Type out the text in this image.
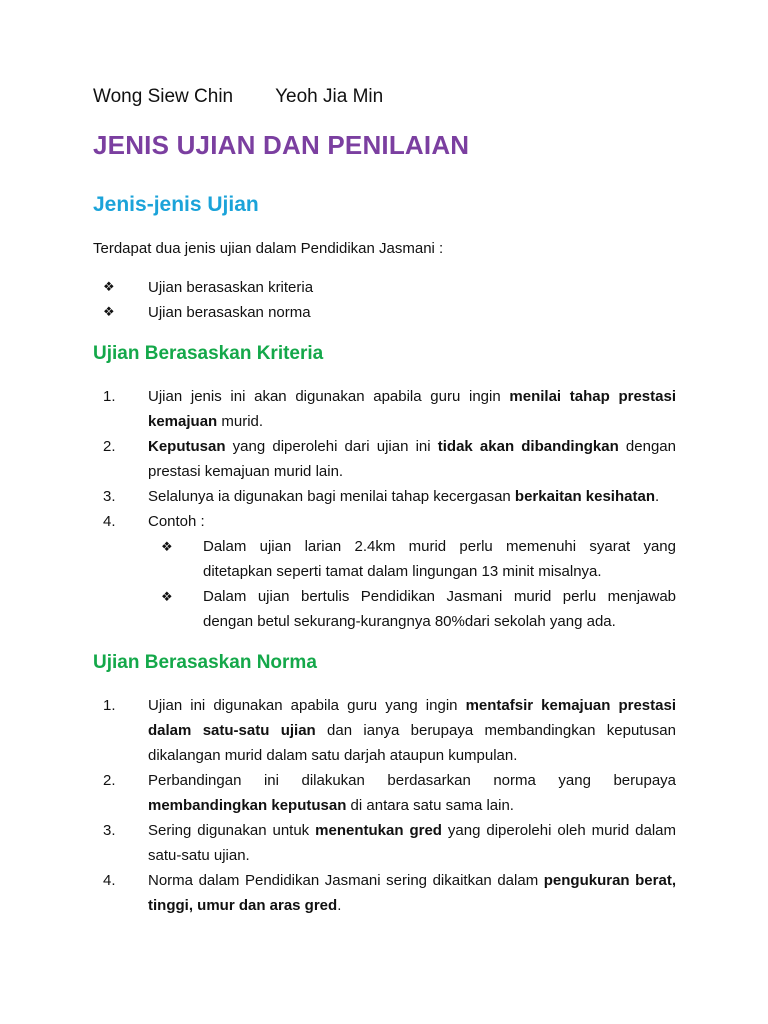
Wong Siew Chin Yeoh Jia Min
JENIS UJIAN DAN PENILAIAN
Jenis-jenis Ujian
Terdapat dua jenis ujian dalam Pendidikan Jasmani :
❖ Ujian berasaskan kriteria
❖ Ujian berasaskan norma
Ujian Berasaskan Kriteria
1. Ujian jenis ini akan digunakan apabila guru ingin menilai tahap prestasi kemajuan murid.
2. Keputusan yang diperolehi dari ujian ini tidak akan dibandingkan dengan prestasi kemajuan murid lain.
3. Selalunya ia digunakan bagi menilai tahap kecergasan berkaitan kesihatan.
4. Contoh :
❖ Dalam ujian larian 2.4km murid perlu memenuhi syarat yang ditetapkan seperti tamat dalam lingungan 13 minit misalnya.
❖ Dalam ujian bertulis Pendidikan Jasmani murid perlu menjawab dengan betul sekurang-kurangnya 80%dari sekolah yang ada.
Ujian Berasaskan Norma
1. Ujian ini digunakan apabila guru yang ingin mentafsir kemajuan prestasi dalam satu-satu ujian dan ianya berupaya membandingkan keputusan dikalangan murid dalam satu darjah ataupun kumpulan.
2. Perbandingan ini dilakukan berdasarkan norma yang berupaya membandingkan keputusan di antara satu sama lain.
3. Sering digunakan untuk menentukan gred yang diperolehi oleh murid dalam satu-satu ujian.
4. Norma dalam Pendidikan Jasmani sering dikaitkan dalam pengukuran berat, tinggi, umur dan aras gred.
